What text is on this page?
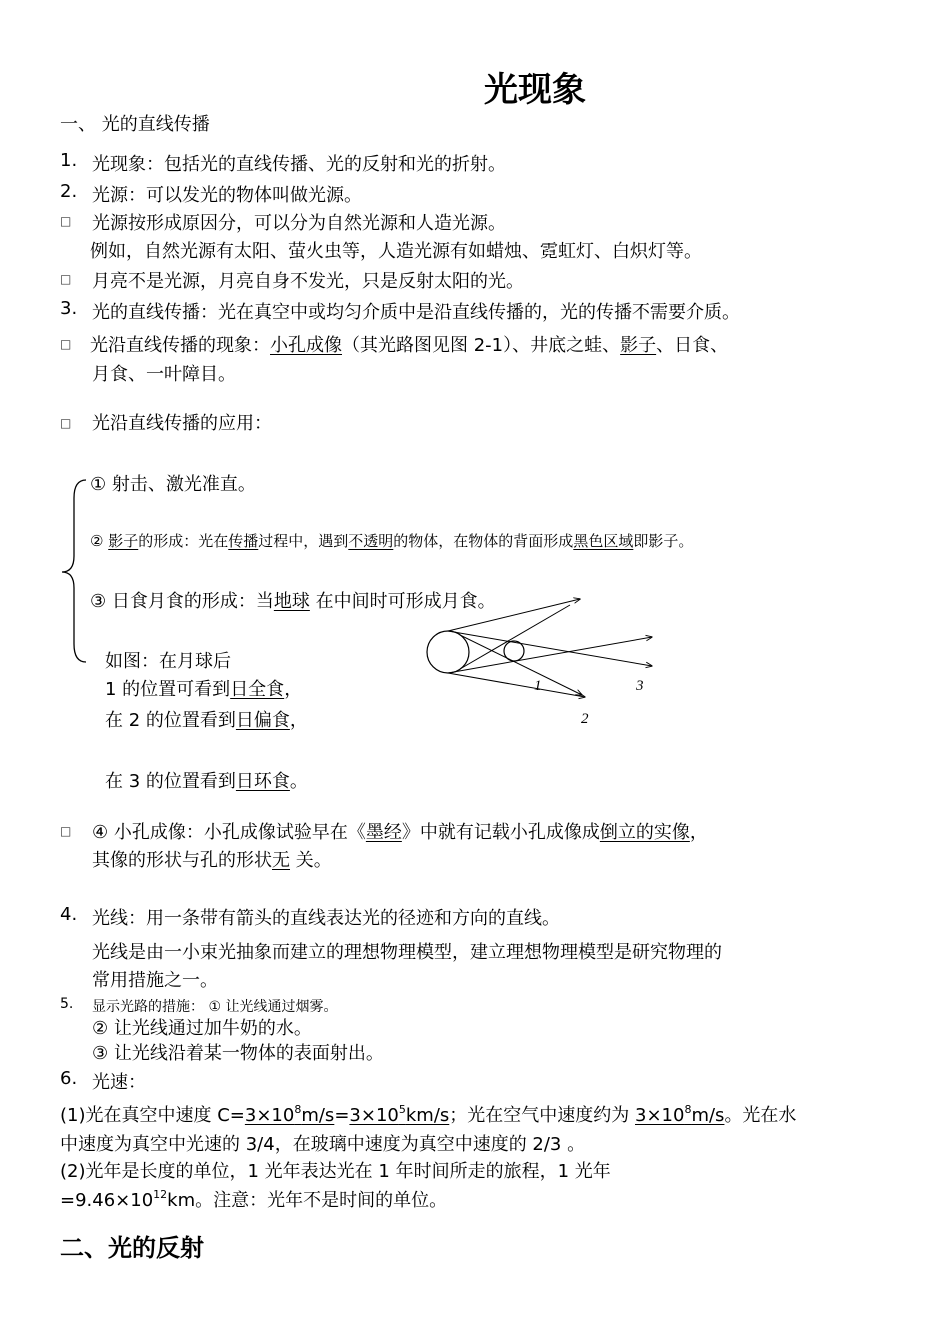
光现象
一、 光的直线传播
1. 光现象：包括光的直线传播、光的反射和光的折射。
2. 光源：可以发光的物体叫做光源。
□ 光源按形成原因分，可以分为自然光源和人造光源。
例如，自然光源有太阳、萤火虫等，人造光源有如蜡烛、霓虹灯、白炽灯等。
□ 月亮不是光源，月亮自身不发光，只是反射太阳的光。
3. 光的直线传播：光在真空中或均匀介质中是沿直线传播的，光的传播不需要介质。
□ 光沿直线传播的现象：小孔成像（其光路图见图 2-1）、井底之蛙、影子、日食、
月食、一叶障目。
□ 光沿直线传播的应用：
① 射击、激光准直。
② 影子的形成：光在传播过程中，遇到不透明的物体，在物体的背面形成黑色区域即影子。
③ 日食月食的形成：当地球 在中间时可形成月食。
如图：在月球后
1 的位置可看到日全食，
在 2 的位置看到日偏食，
在 3 的位置看到日环食。
1
2
3
□ ④ 小孔成像：小孔成像试验早在《墨经》中就有记载小孔成像成倒立的实像，
其像的形状与孔的形状无 关。
4. 光线：用一条带有箭头的直线表达光的径迹和方向的直线。
光线是由一小束光抽象而建立的理想物理模型，建立理想物理模型是研究物理的
常用措施之一。
5. 显示光路的措施： ① 让光线通过烟雾。
② 让光线通过加牛奶的水。
③ 让光线沿着某一物体的表面射出。
6. 光速：
(1)光在真空中速度 $C=3\times 10^8m/s=3\times 10^5km/s$；光在空气中速度约为 $3\times 10^8m/s$。光在水
中速度为真空中光速的 3/4，在玻璃中速度为真空中速度的 2/3 。
(2)光年是长度的单位，1 光年表达光在 1 年时间所走的旅程，1 光年
$=9.46\times 10^{12}km$。注意：光年不是时间的单位。
二、光的反射
